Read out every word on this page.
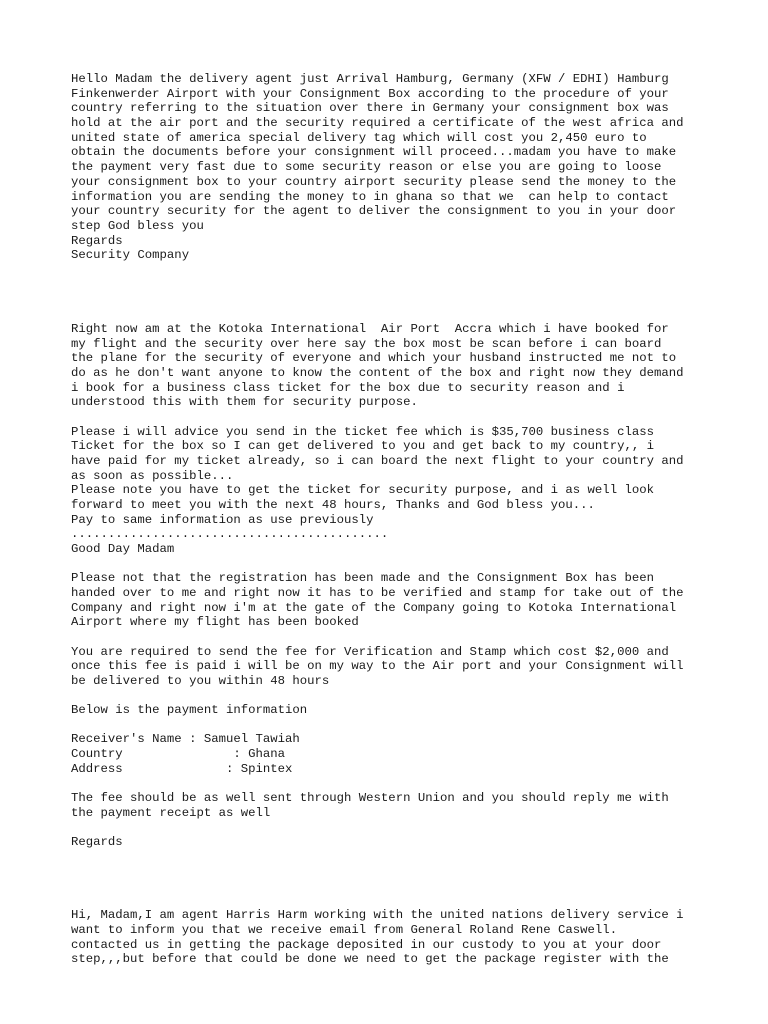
Hello Madam the delivery agent just Arrival Hamburg, Germany (XFW / EDHI) Hamburg
Finkenwerder Airport with your Consignment Box according to the procedure of your
country referring to the situation over there in Germany your consignment box was
hold at the air port and the security required a certificate of the west africa and
united state of america special delivery tag which will cost you 2,450 euro to
obtain the documents before your consignment will proceed...madam you have to make
the payment very fast due to some security reason or else you are going to loose
your consignment box to your country airport security please send the money to the
information you are sending the money to in ghana so that we  can help to contact
your country security for the agent to deliver the consignment to you in your door
step God bless you
Regards
Security Company
Right now am at the Kotoka International  Air Port  Accra which i have booked for
my flight and the security over here say the box most be scan before i can board
the plane for the security of everyone and which your husband instructed me not to
do as he don't want anyone to know the content of the box and right now they demand
i book for a business class ticket for the box due to security reason and i
understood this with them for security purpose.
Please i will advice you send in the ticket fee which is $35,700 business class
Ticket for the box so I can get delivered to you and get back to my country,, i
have paid for my ticket already, so i can board the next flight to your country and
as soon as possible...
Please note you have to get the ticket for security purpose, and i as well look
forward to meet you with the next 48 hours, Thanks and God bless you...
Pay to same information as use previously
...........................................
Good Day Madam
Please not that the registration has been made and the Consignment Box has been
handed over to me and right now it has to be verified and stamp for take out of the
Company and right now i'm at the gate of the Company going to Kotoka International
Airport where my flight has been booked
You are required to send the fee for Verification and Stamp which cost $2,000 and
once this fee is paid i will be on my way to the Air port and your Consignment will
be delivered to you within 48 hours
Below is the payment information
Receiver's Name : Samuel Tawiah
Country               : Ghana
Address              : Spintex
The fee should be as well sent through Western Union and you should reply me with
the payment receipt as well
Regards
Hi, Madam,I am agent Harris Harm working with the united nations delivery service i
want to inform you that we receive email from General Roland Rene Caswell.
contacted us in getting the package deposited in our custody to you at your door
step,,,but before that could be done we need to get the package register with the
